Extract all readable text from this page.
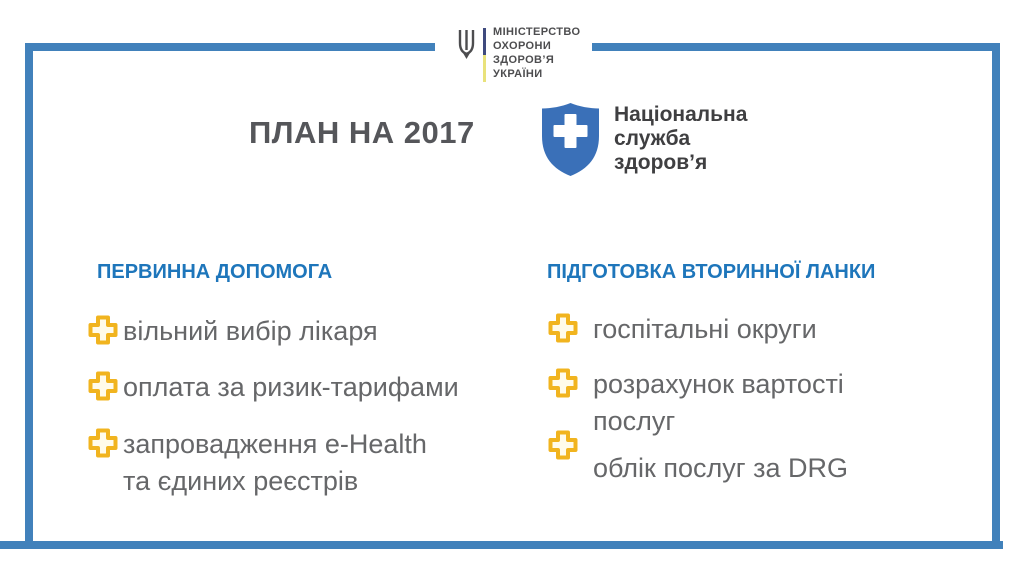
МІНІСТЕРСТВО
ОХОРОНИ
ЗДОРОВ’Я
УКРАЇНИ
ПЛАН НА 2017
Національна
служба
здоров’я
ПЕРВИННА ДОПОМОГА
вільний вибір лікаря
оплата за ризик-тарифами
запровадження e-Health
та єдиних реєстрів
ПІДГОТОВКА ВТОРИННОЇ ЛАНКИ
госпітальні округи
розрахунок вартості
послуг
облік послуг за DRG
